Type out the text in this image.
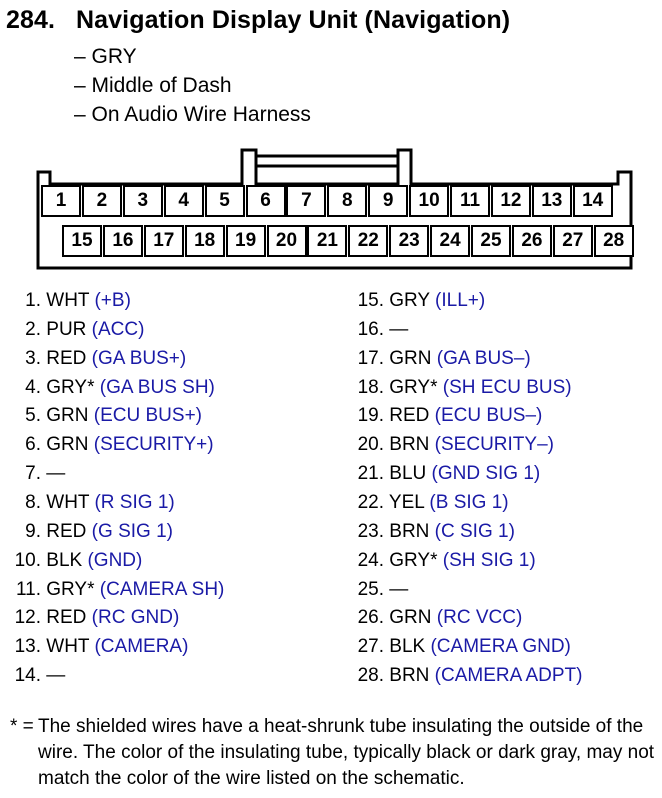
284. Navigation Display Unit (Navigation)
– GRY
– Middle of Dash
– On Audio Wire Harness
1	2	3	4	5	6	7	8	9	10	11	12	13	14
15	16	17	18	19	20	21	22	23	24	25	26	27	28
1. WHT (+B)
2. PUR (ACC)
3. RED (GA BUS+)
4. GRY* (GA BUS SH)
5. GRN (ECU BUS+)
6. GRN (SECURITY+)
7. —
8. WHT (R SIG 1)
9. RED (G SIG 1)
10. BLK (GND)
11. GRY* (CAMERA SH)
12. RED (RC GND)
13. WHT (CAMERA)
14. —
15. GRY (ILL+)
16. —
17. GRN (GA BUS–)
18. GRY* (SH ECU BUS)
19. RED (ECU BUS–)
20. BRN (SECURITY–)
21. BLU (GND SIG 1)
22. YEL (B SIG 1)
23. BRN (C SIG 1)
24. GRY* (SH SIG 1)
25. —
26. GRN (RC VCC)
27. BLK (CAMERA GND)
28. BRN (CAMERA ADPT)
* = The shielded wires have a heat-shrunk tube insulating the outside of the wire. The color of the insulating tube, typically black or dark gray, may not match the color of the wire listed on the schematic.
